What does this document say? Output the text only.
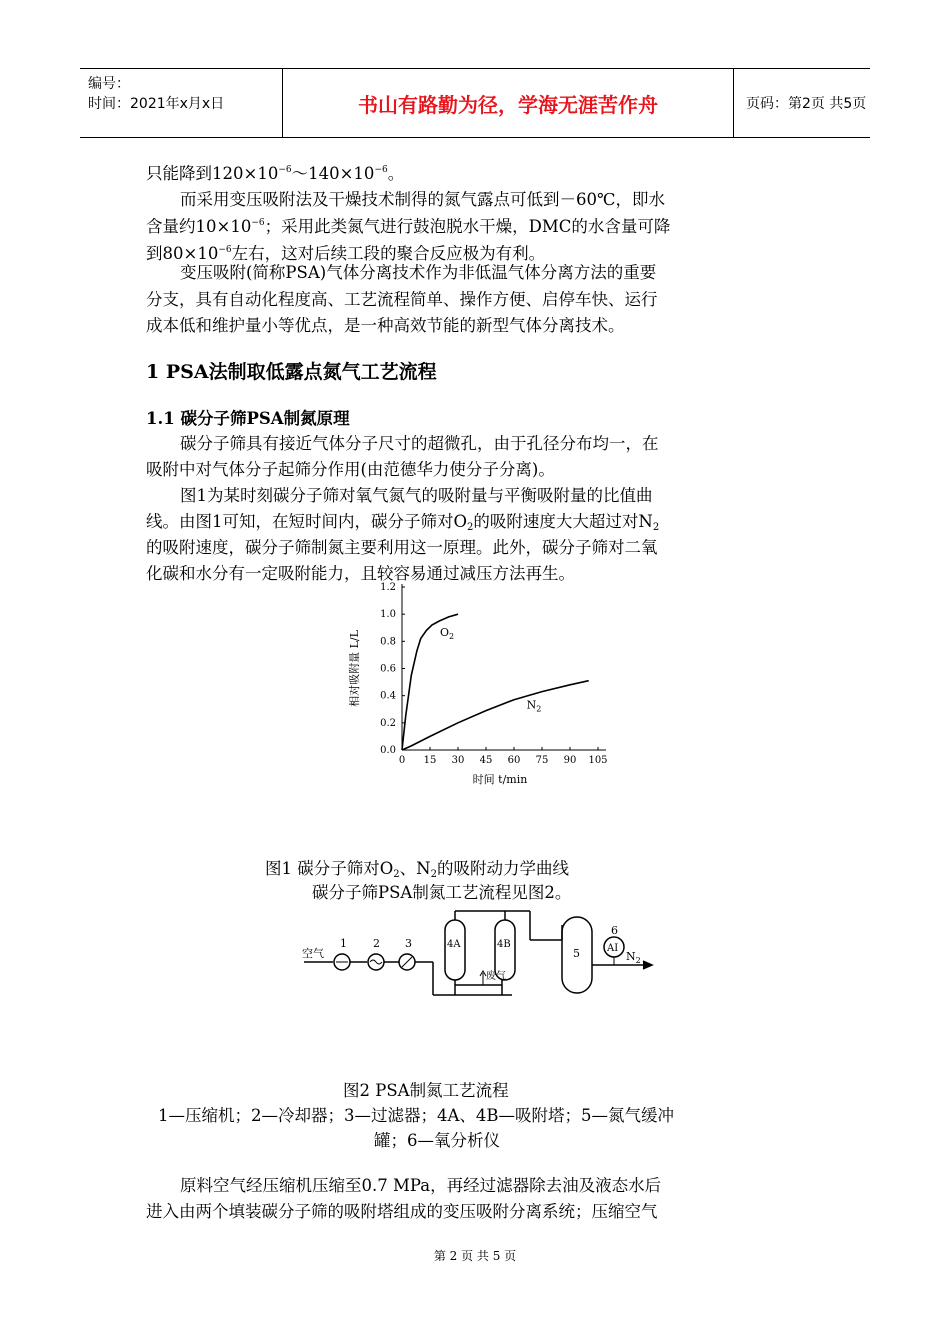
编号：
时间：2021年x月x日	书山有路勤为径，学海无涯苦作舟	页码：第2页 共5页
只能降到$120\times 10^{-6}\sim 140\times 10^{-6}$。
而采用变压吸附法及干燥技术制得的氮气露点可低到－60℃，即水
含量约$10\times 10^{-6}$；采用此类氮气进行鼓泡脱水干燥，DMC的水含量可降
到$80\times 10^{-6}$左右，这对后续工段的聚合反应极为有利。
变压吸附(简称PSA)气体分离技术作为非低温气体分离方法的重要
分支，具有自动化程度高、工艺流程简单、操作方便、启停车快、运行
成本低和维护量小等优点，是一种高效节能的新型气体分离技术。
1 PSA法制取低露点氮气工艺流程
1.1 碳分子筛PSA制氮原理
碳分子筛具有接近气体分子尺寸的超微孔，由于孔径分布均一，在
吸附中对气体分子起筛分作用(由范德华力使分子分离)。
图1为某时刻碳分子筛对氧气氮气的吸附量与平衡吸附量的比值曲
线。由图1可知，在短时间内，碳分子筛对$O_2$的吸附速度大大超过对$N_2$
的吸附速度，碳分子筛制氮主要利用这一原理。此外，碳分子筛对二氧
化碳和水分有一定吸附能力，且较容易通过减压方法再生。
0 15 30 45 60 75 90 105
0.0
0.2
0.4
0.6
0.8
1.0
1.2
$O_2$
$N_2$
时间 t/min
相对吸附量 L/L
图1 碳分子筛对$O_2$、$N_2$的吸附动力学曲线
碳分子筛PSA制氮工艺流程见图2。
空气
1 2 3	4A	4B
5	AI
6
废气
$N_2$
图2 PSA制氮工艺流程
1—压缩机；2—冷却器；3—过滤器；4A、4B—吸附塔；5—氮气缓冲
罐；6—氧分析仪
原料空气经压缩机压缩至0.7 MPa，再经过滤器除去油及液态水后
进入由两个填装碳分子筛的吸附塔组成的变压吸附分离系统；压缩空气
第 2 页 共 5 页
